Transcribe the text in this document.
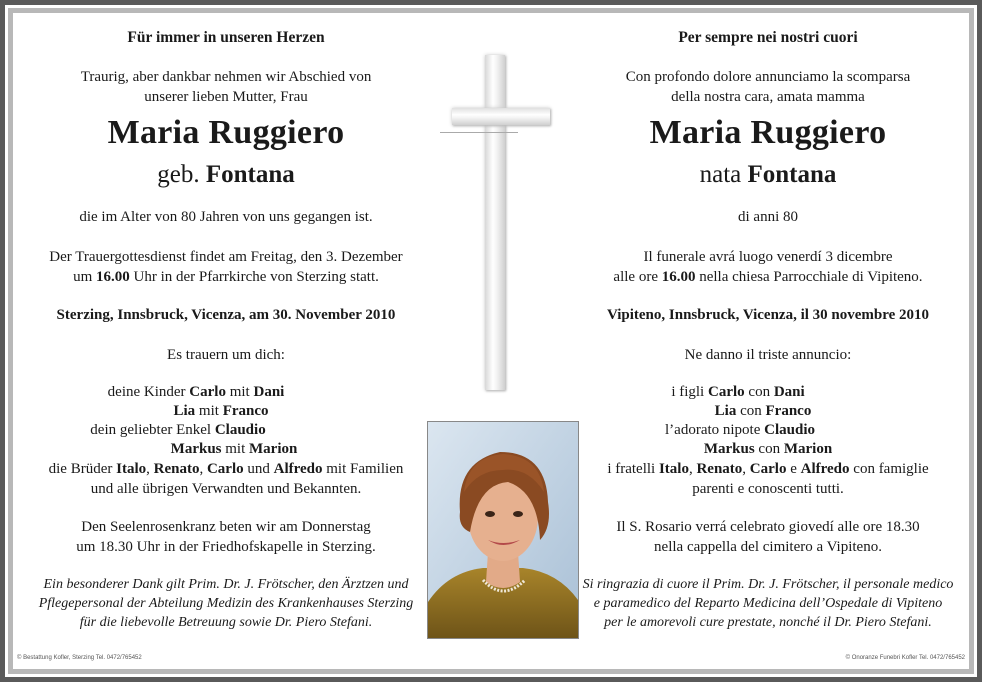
Für immer in unseren Herzen
Traurig, aber dankbar nehmen wir Abschied von
unserer lieben Mutter, Frau
Maria Ruggiero
geb. Fontana
die im Alter von 80 Jahren von uns gegangen ist.
Der Trauergottesdienst findet am Freitag, den 3. Dezember
um 16.00 Uhr in der Pfarrkirche von Sterzing statt.
Sterzing, Innsbruck, Vicenza, am 30. November 2010
Es trauern um dich:
deine Kinder Carlo mit Dani
Lia mit Franco
dein geliebter Enkel Claudio
Markus mit Marion
die Brüder Italo, Renato, Carlo und Alfredo mit Familien
und alle übrigen Verwandten und Bekannten.
Den Seelenrosenkranz beten wir am Donnerstag
um 18.30 Uhr in der Friedhofskapelle in Sterzing.
Ein besonderer Dank gilt Prim. Dr. J. Frötscher, den Ärztzen und
Pflegepersonal der Abteilung Medizin des Krankenhauses Sterzing
für die liebevolle Betreuung sowie Dr. Piero Stefani.
Per sempre nei nostri cuori
Con profondo dolore annunciamo la scomparsa
della nostra cara, amata mamma
Maria Ruggiero
nata Fontana
di anni 80
Il funerale avrá luogo venerdí 3 dicembre
alle ore 16.00 nella chiesa Parrocchiale di Vipiteno.
Vipiteno, Innsbruck, Vicenza, il 30 novembre 2010
Ne danno il triste annuncio:
i figli Carlo con Dani
Lia con Franco
l’adorato nipote Claudio
Markus con Marion
i fratelli Italo, Renato, Carlo e Alfredo con famiglie
parenti e conoscenti tutti.
Il S. Rosario verrá celebrato giovedí alle ore 18.30
nella cappella del cimitero a Vipiteno.
Si ringrazia di cuore il Prim. Dr. J. Frötscher, il personale medico
e paramedico del Reparto Medicina dell’Ospedale di Vipiteno
per le amorevoli cure prestate, nonché il Dr. Piero Stefani.
© Bestattung Kofler, Sterzing Tel. 0472/765452	© Onoranze Funebri Kofler Tel. 0472/765452
